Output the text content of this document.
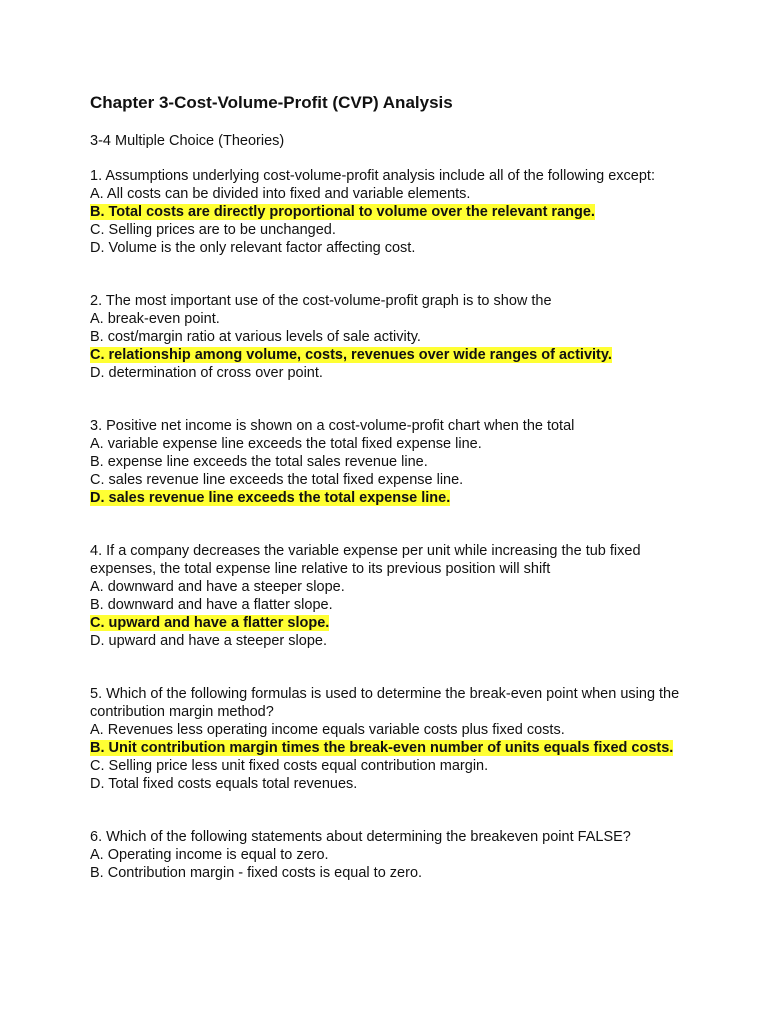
Chapter 3-Cost-Volume-Profit (CVP) Analysis
3-4 Multiple Choice (Theories)
1. Assumptions underlying cost-volume-profit analysis include all of the following except:
A. All costs can be divided into fixed and variable elements.
B. Total costs are directly proportional to volume over the relevant range.
C. Selling prices are to be unchanged.
D. Volume is the only relevant factor affecting cost.
2. The most important use of the cost-volume-profit graph is to show the
A. break-even point.
B. cost/margin ratio at various levels of sale activity.
C. relationship among volume, costs, revenues over wide ranges of activity.
D. determination of cross over point.
3. Positive net income is shown on a cost-volume-profit chart when the total
A. variable expense line exceeds the total fixed expense line.
B. expense line exceeds the total sales revenue line.
C. sales revenue line exceeds the total fixed expense line.
D. sales revenue line exceeds the total expense line.
4. If a company decreases the variable expense per unit while increasing the tub fixed expenses, the total expense line relative to its previous position will shift
A. downward and have a steeper slope.
B. downward and have a flatter slope.
C. upward and have a flatter slope.
D. upward and have a steeper slope.
5. Which of the following formulas is used to determine the break-even point when using the contribution margin method?
A. Revenues less operating income equals variable costs plus fixed costs.
B. Unit contribution margin times the break-even number of units equals fixed costs.
C. Selling price less unit fixed costs equal contribution margin.
D. Total fixed costs equals total revenues.
6. Which of the following statements about determining the breakeven point FALSE?
A. Operating income is equal to zero.
B. Contribution margin - fixed costs is equal to zero.
